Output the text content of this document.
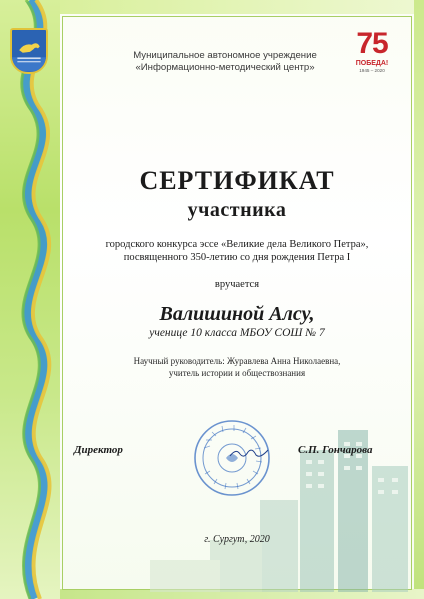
Муниципальное автономное учреждение
«Информационно-методический центр»
75
ПОБЕДА!
1945 – 2020
СЕРТИФИКАТ
участника
городского конкурса эссе «Великие дела Великого Петра»,
посвященного 350-летию со дня рождения Петра I
вручается
Валишиной Алсу,
ученице 10 класса МБОУ СОШ № 7
Научный руководитель: Журавлева Анна Николаевна,
учитель истории и обществознания
Директор	С.П. Гончарова
г. Сургут, 2020
